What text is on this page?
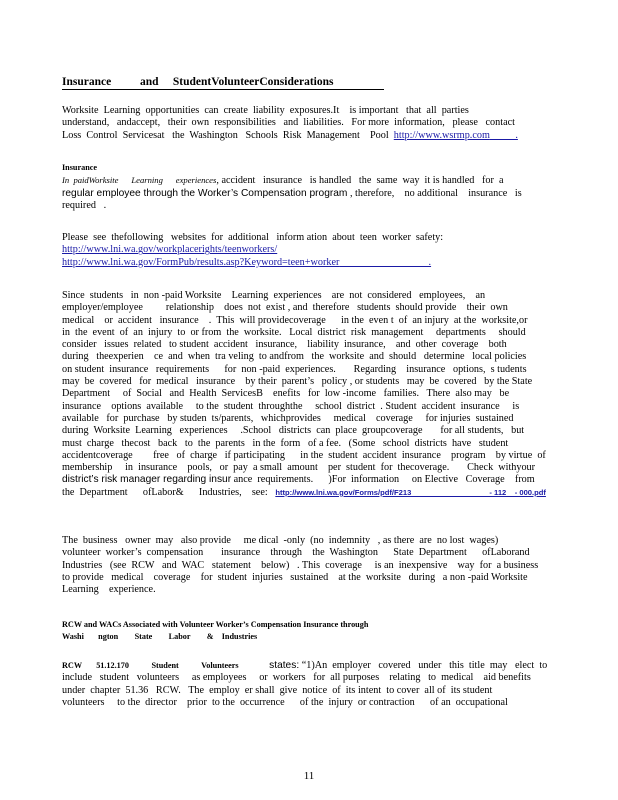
Insurance          and     StudentVolunteerConsiderations
Worksite  Learning  opportunities  can  create  liability  exposures.It    is important   that  all  parties
understand,   andaccept,   their  own  responsibilities   and  liabilities.   For more  information,   please   contact
Loss  Control  Servicesat   the  Washington   Schools  Risk  Management    Pool http://www.wsrmp.com          .
Insurance
In  paidWorksite      Learning      experiences, accident   insurance   is handled   the  same  way  it is handled   for  a
regular employee through the Worker’s Compensation program , therefore,    no additional    insurance   is
required   .
Please  see  thefollowing   websites  for  additional   inform ation  about  teen  worker  safety:
http://www.lni.wa.gov/workplacerights/teenworkers/
http://www.lni.wa.gov/FormPub/results.asp?Keyword=teen+worker                                   .
Since  students   in  non -paid Worksite    Learning  experiences    are  not  considered   employees,    an
employer/employee         relationship    does  not  exist , and  therefore   students  should provide    their  own
medical    or  accident   insurance    .  This  will providecoverage      in the  even t  of  an injury  at the  worksite,or
in  the  event  of  an  injury  to  or from  the  worksite.   Local  district  risk  management     departments     should
consider   issues  related   to student  accident   insurance,    liability  insurance,    and  other  coverage    both
during   theexperien    ce  and  when  tra veling  to andfrom   the  worksite  and  should   determine   local policies
on student  insurance   requirements      for  non -paid  experiences.       Regarding    insurance   options,  s tudents
may  be  covered   for  medical   insurance    by their  parent’s   policy , or students   may  be  covered   by the State
Department     of  Social   and  Health  ServicesB    enefits   for  low -income   families.   There  also may   be
insurance    options  available     to the  student  throughthe     school  district  . Student  accident  insurance     is
available   for  purchase   by studen  ts/parents,   whichprovides     medical    coverage     for injuries  sustained
during  Worksite  Learning   experiences     .School   districts  can  place  groupcoverage       for all students,   but
must  charge   thecost   back   to  the  parents   in the  form   of a fee.   (Some   school  districts  have   student
accidentcoverage        free   of  charge   if participating      in the  student  accident  insurance    program    by virtue  of
membership     in  insurance    pools,   or  pay  a small  amount    per  student  for  thecoverage.       Check  withyour
district’s risk manager regarding insur ance  requirements.      )For  information     on Elective   Coverage    from
the  Department      ofLabor&      Industries,    see: http://www.lni.wa.gov/Forms/pdf/F213                                     - 112    - 000.pdf
The  business   owner  may   also provide     me dical  -only  (no  indemnity   , as there  are  no lost  wages)
volunteer  worker’s  compensation       insurance    through    the  Washington      State  Department      ofLaborand
Industries   (see  RCW   and  WAC   statement    below)   . This  coverage     is an  inexpensive    way  for  a business
to provide   medical    coverage    for  student  injuries   sustained    at the  worksite   during   a non -paid Worksite
Learning    experience.
RCW and WACs Associated with Volunteer Worker’s Compensation Insurance through
Washi       ngton        State        Labor        &    Industries
RCW       51.12.170           Student           Volunteers	states: “1)An  employer   covered   under   this  title  may   elect  to
include   student   volunteers     as employees     or  workers   for  all purposes    relating   to  medical    aid benefits
under  chapter  51.36   RCW.   The  employ  er shall  give  notice  of  its intent  to cover  all of  its student
volunteers     to the  director    prior  to the  occurrence      of the  injury  or contraction      of an  occupational
11
